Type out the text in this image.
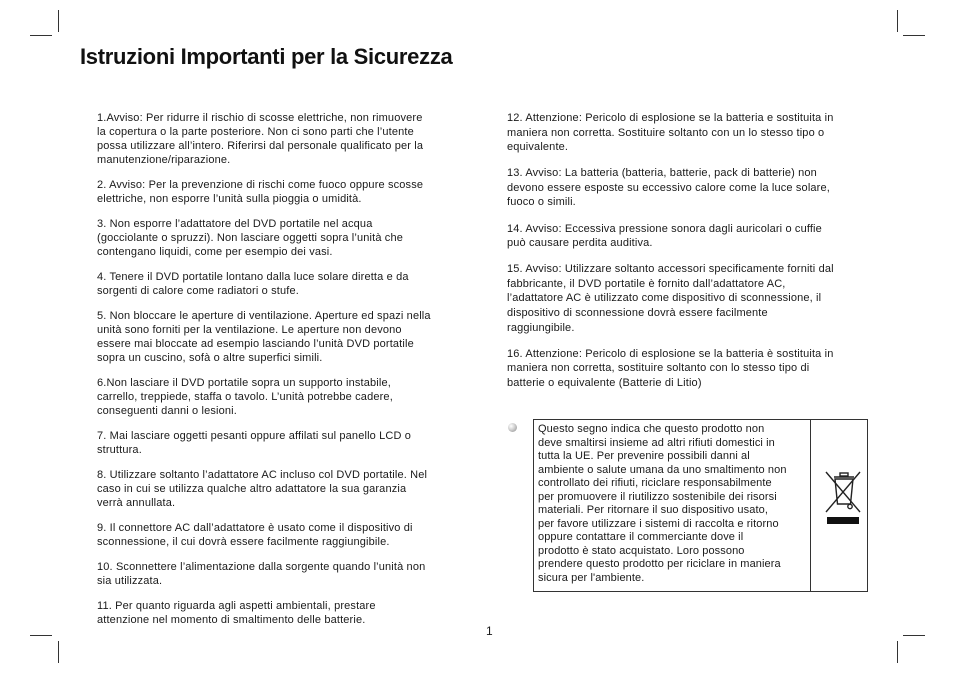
Istruzioni Importanti per la Sicurezza

1.Avviso: Per ridurre il rischio di scosse elettriche, non rimuovere
la copertura o la parte posteriore. Non ci sono parti che l’utente
possa utilizzare all’intero. Riferirsi dal personale qualificato per la
manutenzione/riparazione.

2. Avviso: Per la prevenzione di rischi come fuoco oppure scosse
elettriche, non esporre l’unità sulla pioggia o umidità.

3. Non esporre l’adattatore del DVD portatile nel acqua
(gocciolante o spruzzi). Non lasciare oggetti sopra l’unità che
contengano liquidi, come per esempio dei vasi.

4. Tenere il DVD portatile lontano dalla luce solare diretta e da
sorgenti di calore come radiatori o stufe.

5. Non bloccare le aperture di ventilazione. Aperture ed spazi nella
unità sono forniti per la ventilazione. Le aperture non devono
essere mai bloccate ad esempio lasciando l’unità DVD portatile
sopra un cuscino, sofà o altre superfici simili.

6.Non lasciare il DVD portatile sopra un supporto instabile,
carrello, treppiede, staffa o tavolo. L’unità potrebbe cadere,
conseguenti danni o lesioni.

7. Mai lasciare oggetti pesanti oppure affilati sul panello LCD o
struttura.

8. Utilizzare soltanto l’adattatore AC incluso col DVD portatile. Nel
caso in cui se utilizza qualche altro adattatore la sua garanzia
verrà annullata.

9. Il connettore AC dall’adattatore è usato come il dispositivo di
sconnessione, il cui dovrà essere facilmente raggiungibile.

10. Sconnettere l’alimentazione dalla sorgente quando l’unità non
sia utilizzata.

11. Per quanto riguarda agli aspetti ambientali, prestare
attenzione nel momento di smaltimento delle batterie.

12. Attenzione: Pericolo di esplosione se la batteria e sostituita in
maniera non corretta. Sostituire soltanto con un lo stesso tipo o
equivalente.

13. Avviso: La batteria (batteria, batterie, pack di batterie) non
devono essere esposte su eccessivo calore come la luce solare,
fuoco o simili.

14. Avviso: Eccessiva pressione sonora dagli auricolari o cuffie
può causare perdita auditiva.

15. Avviso: Utilizzare soltanto accessori specificamente forniti dal
fabbricante, il DVD portatile è fornito dall’adattatore AC,
l’adattatore AC è utilizzato come dispositivo di sconnessione, il
dispositivo di sconnessione dovrà essere facilmente
raggiungibile.

16. Attenzione: Pericolo di esplosione se la batteria è sostituita in
maniera non corretta, sostituire soltanto con lo stesso tipo di
batterie o equivalente (Batterie di Litio)

Questo segno indica che questo prodotto non
deve smaltirsi insieme ad altri rifiuti domestici in
tutta la UE. Per prevenire possibili danni al
ambiente o salute umana da uno smaltimento non
controllato dei rifiuti, riciclare responsabilmente
per promuovere il riutilizzo sostenibile dei risorsi
materiali. Per ritornare il suo dispositivo usato,
per favore utilizzare i sistemi di raccolta e ritorno
oppure contattare il commerciante dove il
prodotto è stato acquistato. Loro possono
prendere questo prodotto per riciclare in maniera
sicura per l'ambiente.
1
